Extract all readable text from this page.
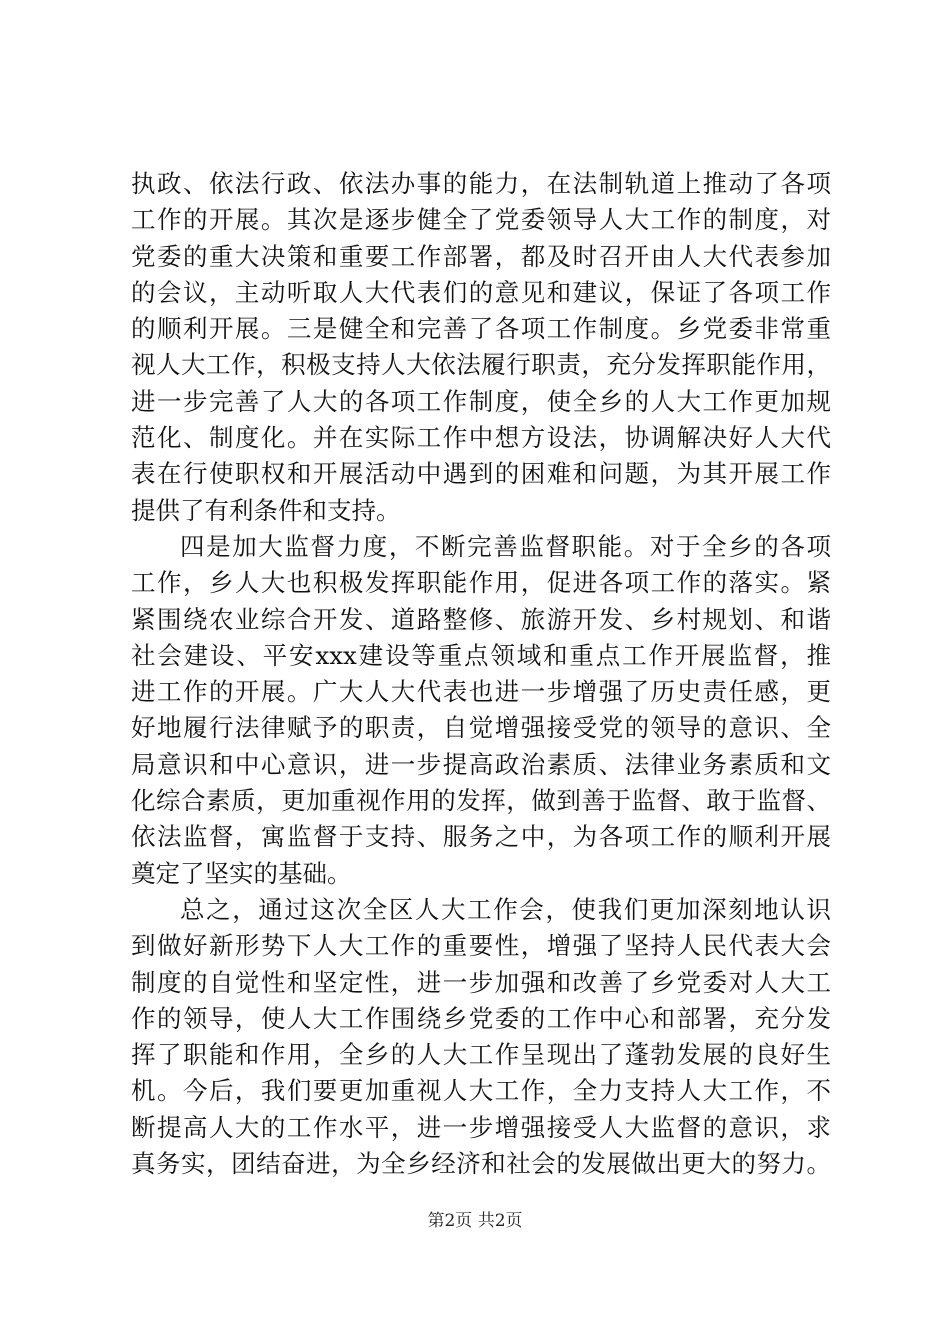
执政、依法行政、依法办事的能力，在法制轨道上推动了各项
工作的开展。其次是逐步健全了党委领导人大工作的制度，对
党委的重大决策和重要工作部署，都及时召开由人大代表参加
的会议，主动听取人大代表们的意见和建议，保证了各项工作
的顺利开展。三是健全和完善了各项工作制度。乡党委非常重
视人大工作，积极支持人大依法履行职责，充分发挥职能作用，
进一步完善了人大的各项工作制度，使全乡的人大工作更加规
范化、制度化。并在实际工作中想方设法，协调解决好人大代
表在行使职权和开展活动中遇到的困难和问题，为其开展工作
提供了有利条件和支持。
四是加大监督力度，不断完善监督职能。对于全乡的各项
工作，乡人大也积极发挥职能作用，促进各项工作的落实。紧
紧围绕农业综合开发、道路整修、旅游开发、乡村规划、和谐
社会建设、平安xxx建设等重点领域和重点工作开展监督，推
进工作的开展。广大人大代表也进一步增强了历史责任感，更
好地履行法律赋予的职责，自觉增强接受党的领导的意识、全
局意识和中心意识，进一步提高政治素质、法律业务素质和文
化综合素质，更加重视作用的发挥，做到善于监督、敢于监督、
依法监督，寓监督于支持、服务之中，为各项工作的顺利开展
奠定了坚实的基础。
总之，通过这次全区人大工作会，使我们更加深刻地认识
到做好新形势下人大工作的重要性，增强了坚持人民代表大会
制度的自觉性和坚定性，进一步加强和改善了乡党委对人大工
作的领导，使人大工作围绕乡党委的工作中心和部署，充分发
挥了职能和作用，全乡的人大工作呈现出了蓬勃发展的良好生
机。今后，我们要更加重视人大工作，全力支持人大工作，不
断提高人大的工作水平，进一步增强接受人大监督的意识，求
真务实，团结奋进，为全乡经济和社会的发展做出更大的努力。
第2页 共2页
